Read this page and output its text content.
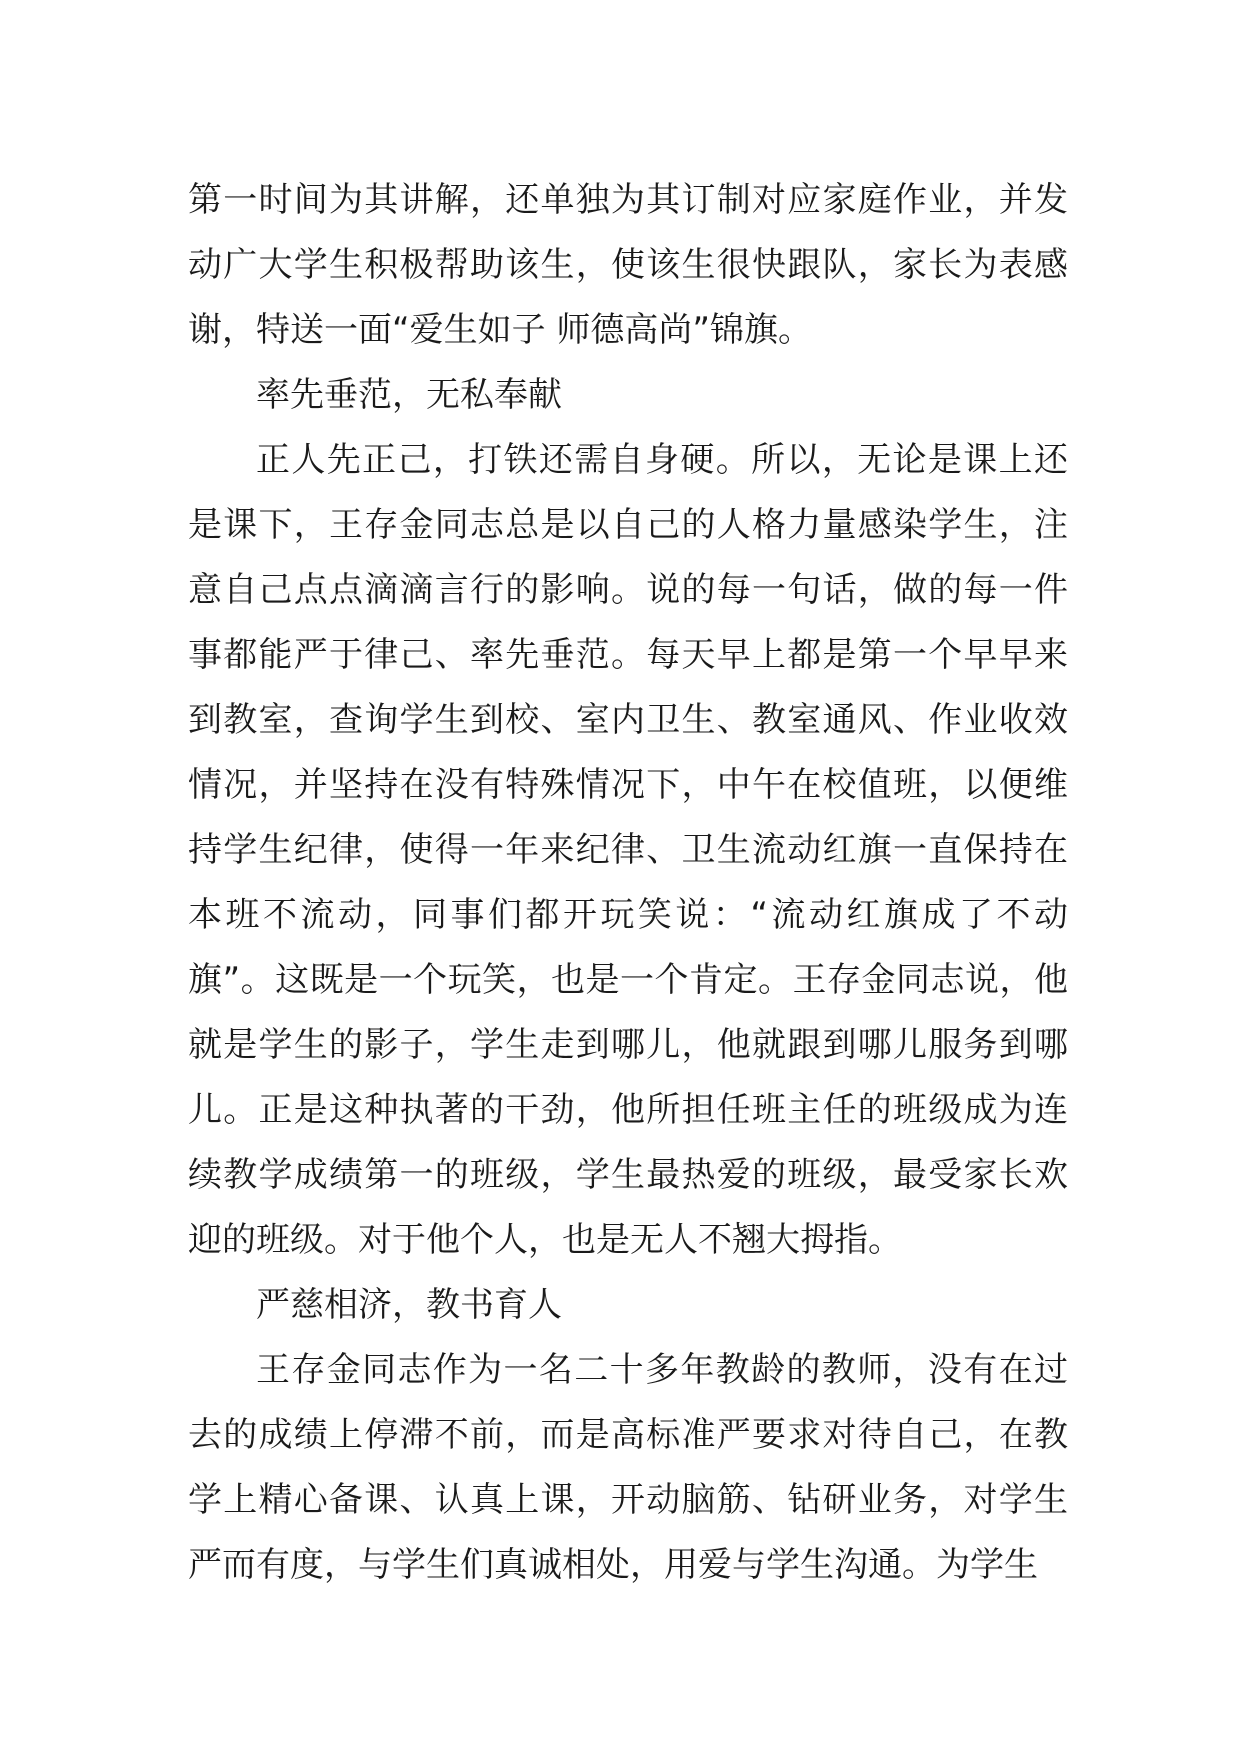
第一时间为其讲解，还单独为其订制对应家庭作业，并发动广大学生积极帮助该生，使该生很快跟队，家长为表感谢，特送一面“爱生如子 师德高尚”锦旗。

率先垂范，无私奉献

正人先正己，打铁还需自身硬。所以，无论是课上还是课下，王存金同志总是以自己的人格力量感染学生，注意自己点点滴滴言行的影响。说的每一句话，做的每一件事都能严于律己、率先垂范。每天早上都是第一个早早来到教室，查询学生到校、室内卫生、教室通风、作业收效情况，并坚持在没有特殊情况下，中午在校值班，以便维持学生纪律，使得一年来纪律、卫生流动红旗一直保持在本班不流动，同事们都开玩笑说：“流动红旗成了不动旗”。这既是一个玩笑，也是一个肯定。王存金同志说，他就是学生的影子，学生走到哪儿，他就跟到哪儿服务到哪儿。正是这种执著的干劲，他所担任班主任的班级成为连续教学成绩第一的班级，学生最热爱的班级，最受家长欢迎的班级。对于他个人，也是无人不翘大拇指。

严慈相济，教书育人

王存金同志作为一名二十多年教龄的教师，没有在过去的成绩上停滞不前，而是高标准严要求对待自己，在教学上精心备课、认真上课，开动脑筋、钻研业务，对学生严而有度，与学生们真诚相处，用爱与学生沟通。为学生
